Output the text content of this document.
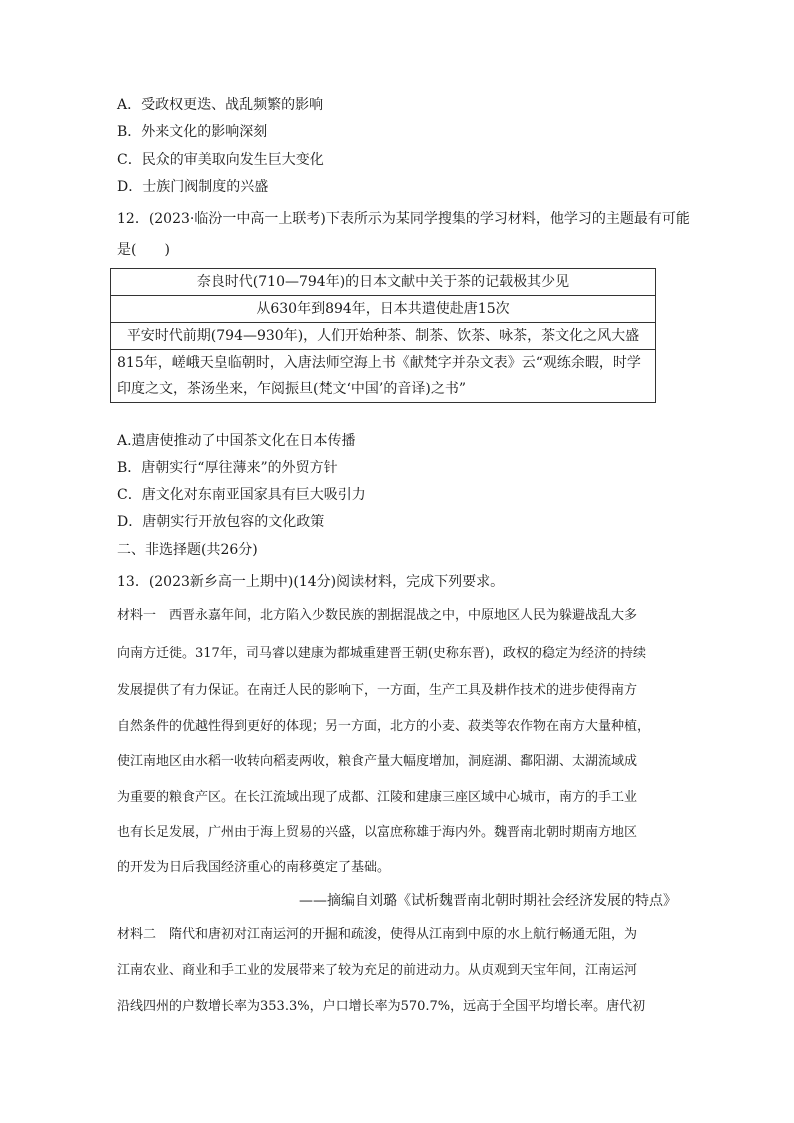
A．受政权更迭、战乱频繁的影响
B．外来文化的影响深刻
C．民众的审美取向发生巨大变化
D．士族门阀制度的兴盛
12．(2023·临汾一中高一上联考)下表所示为某同学搜集的学习材料，他学习的主题最有可能
是(　　)
奈良时代(710—794年)的日本文献中关于茶的记载极其少见
从630年到894年，日本共遣使赴唐15次
平安时代前期(794—930年)，人们开始种茶、制茶、饮茶、咏茶，茶文化之风大盛
815年，嵯峨天皇临朝时，入唐法师空海上书《献梵字并杂文表》云“观练余暇，时学印度之文，茶汤坐来，乍阅振旦(梵文‘中国’的音译)之书”
A.遣唐使推动了中国茶文化在日本传播
B．唐朝实行“厚往薄来”的外贸方针
C．唐文化对东南亚国家具有巨大吸引力
D．唐朝实行开放包容的文化政策
二、非选择题(共26分)
13．(2023新乡高一上期中)(14分)阅读材料，完成下列要求。
材料一　西晋永嘉年间，北方陷入少数民族的割据混战之中，中原地区人民为躲避战乱大多
向南方迁徙。317年，司马睿以建康为都城重建晋王朝(史称东晋)，政权的稳定为经济的持续
发展提供了有力保证。在南迁人民的影响下，一方面，生产工具及耕作技术的进步使得南方
自然条件的优越性得到更好的体现；另一方面，北方的小麦、菽类等农作物在南方大量种植，
使江南地区由水稻一收转向稻麦两收，粮食产量大幅度增加，洞庭湖、鄱阳湖、太湖流域成
为重要的粮食产区。在长江流域出现了成都、江陵和建康三座区域中心城市，南方的手工业
也有长足发展，广州由于海上贸易的兴盛，以富庶称雄于海内外。魏晋南北朝时期南方地区
的开发为日后我国经济重心的南移奠定了基础。
——摘编自刘璐《试析魏晋南北朝时期社会经济发展的特点》
材料二　隋代和唐初对江南运河的开掘和疏浚，使得从江南到中原的水上航行畅通无阻，为
江南农业、商业和手工业的发展带来了较为充足的前进动力。从贞观到天宝年间，江南运河
沿线四州的户数增长率为353.3%，户口增长率为570.7%，远高于全国平均增长率。唐代初
